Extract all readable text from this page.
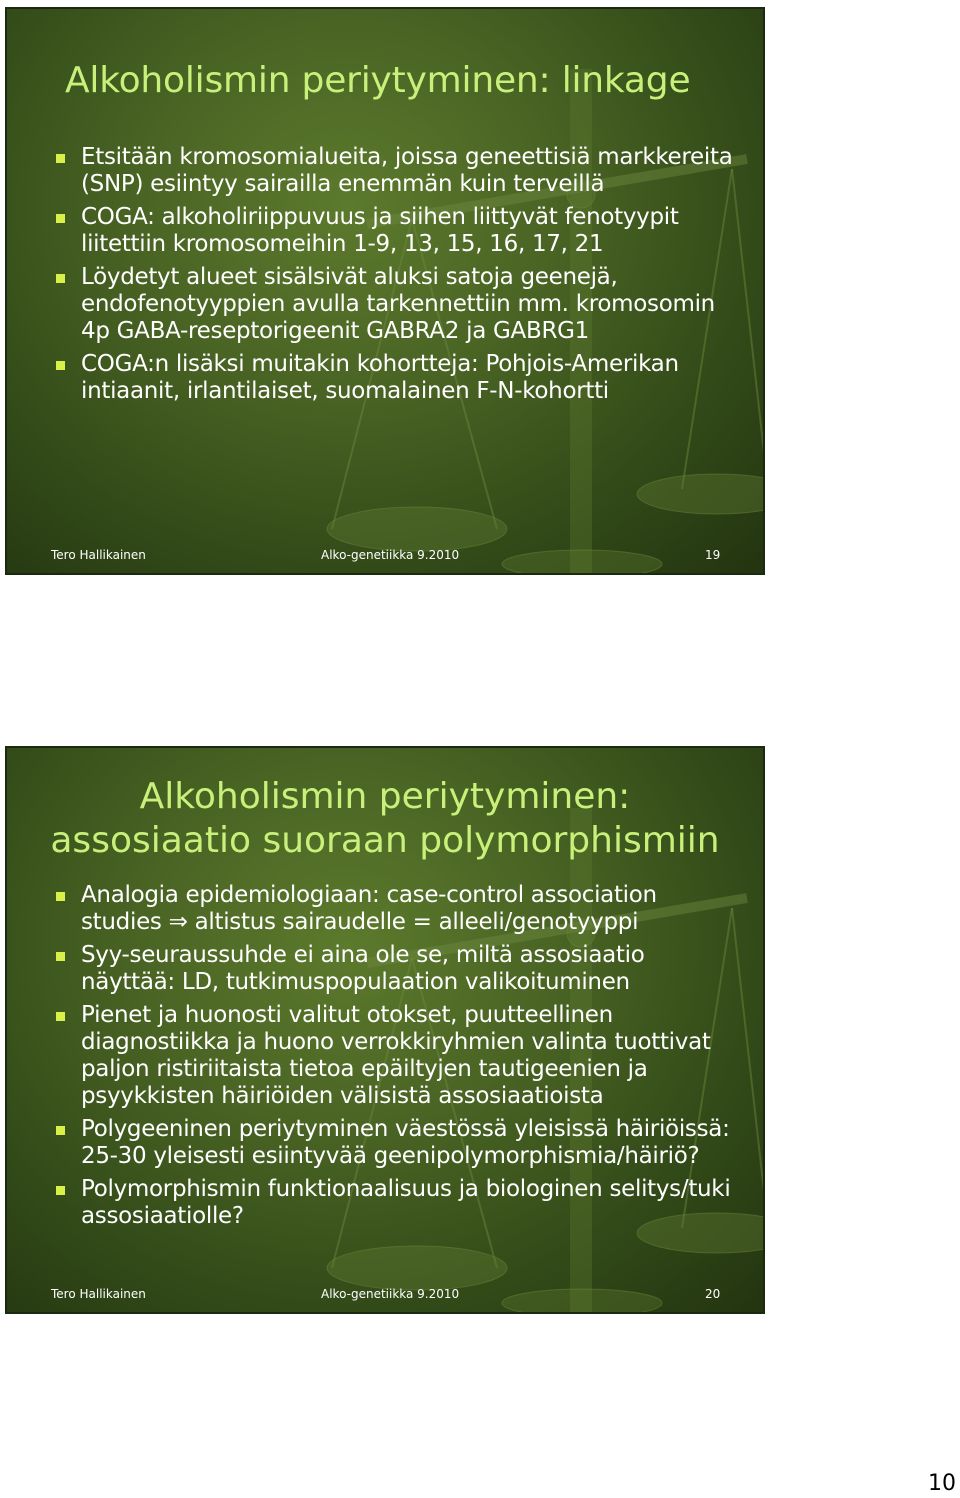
Alkoholismin periytyminen: linkage
Etsitään kromosomialueita, joissa geneettisiä markkereita (SNP) esiintyy sairailla enemmän kuin terveillä
COGA: alkoholiriippuvuus ja siihen liittyvät fenotyypit liitettiin kromosomeihin 1-9, 13, 15, 16, 17, 21
Löydetyt alueet sisälsivät aluksi satoja geenejä, endofenotyyppien avulla tarkennettiin mm. kromosomin 4p GABA-reseptorigeenit GABRA2 ja GABRG1
COGA:n lisäksi muitakin kohortteja: Pohjois-Amerikan intiaanit, irlantilaiset, suomalainen F-N-kohortti
Tero Hallikainen	Alko-genetiikka 9.2010	19
Alkoholismin periytyminen:
assosiaatio suoraan polymorphismiin
Analogia epidemiologiaan: case-control association studies ⇒ altistus sairaudelle = alleeli/genotyyppi
Syy-seuraussuhde ei aina ole se, miltä assosiaatio näyttää: LD, tutkimuspopulaation valikoituminen
Pienet ja huonosti valitut otokset, puutteellinen diagnostiikka ja huono verrokkiryhmien valinta tuottivat paljon ristiriitaista tietoa epäiltyjen tautigeenien ja psyykkisten häiriöiden välisistä assosiaatioista
Polygeeninen periytyminen väestössä yleisissä häiriöissä: 25-30 yleisesti esiintyvää geenipolymorphismia/häiriö?
Polymorphismin funktionaalisuus ja biologinen selitys/tuki assosiaatiolle?
Tero Hallikainen	Alko-genetiikka 9.2010	20
10
